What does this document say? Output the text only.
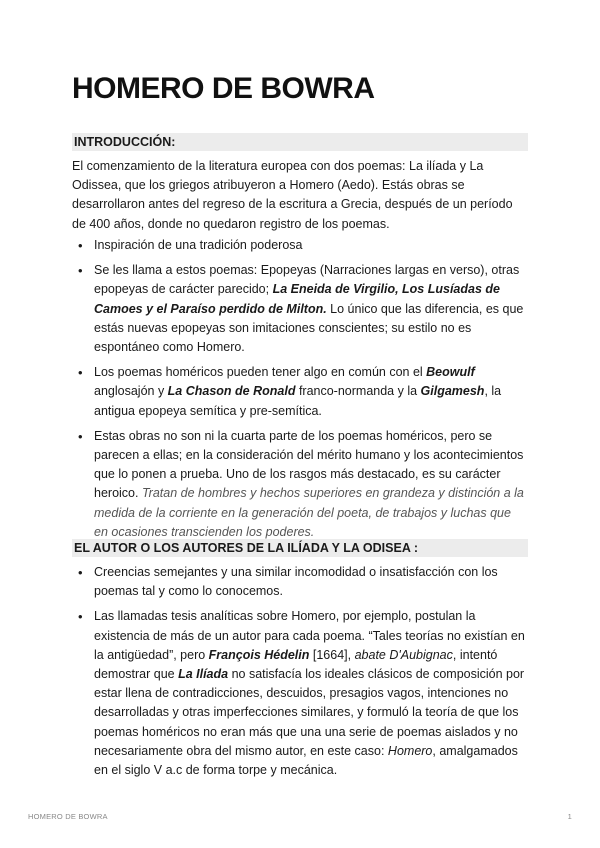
HOMERO DE BOWRA
INTRODUCCIÓN:

El comenzamiento de la literatura europea con dos poemas: La ilíada y La Odissea, que los griegos atribuyeron a Homero (Aedo). Estás obras se desarrollaron antes del regreso de la escritura a Grecia, después de un período de 400 años, donde no quedaron registro de los poemas.

• Inspiración de una tradición poderosa
• Se les llama a estos poemas: Epopeyas (Narraciones largas en verso), otras epopeyas de carácter parecido; La Eneida de Virgilio, Los Lusíadas de Camoes y el Paraíso perdido de Milton. Lo único que las diferencia, es que estás nuevas epopeyas son imitaciones conscientes; su estilo no es espontáneo como Homero.
• Los poemas homéricos pueden tener algo en común con el Beowulf anglosajón y La Chason de Ronald franco-normanda y la Gilgamesh, la antigua epopeya semítica y pre-semítica.
• Estas obras no son ni la cuarta parte de los poemas homéricos, pero se parecen a ellas; en la consideración del mérito humano y los acontecimientos que lo ponen a prueba. Uno de los rasgos más destacado, es su carácter heroico. Tratan de hombres y hechos superiores en grandeza y distinción a la medida de la corriente en la generación del poeta, de trabajos y luchas que en ocasiones transcienden los poderes.
EL AUTOR O LOS AUTORES DE LA ILÍADA Y LA ODISEA :
• Creencias semejantes y una similar incomodidad o insatisfacción con los poemas tal y como lo conocemos.
• Las llamadas tesis analíticas sobre Homero, por ejemplo, postulan la existencia de más de un autor para cada poema. “Tales teorías no existían en la antigüedad”, pero François Hédelin [1664], abate D'Aubignac, intentó demostrar que La Ilíada no satisfacía los ideales clásicos de composición por estar llena de contradicciones, descuidos, presagios vagos, intenciones no desarrolladas y otras imperfecciones similares, y formuló la teoría de que los poemas homéricos no eran más que una una serie de poemas aislados y no necesariamente obra del mismo autor, en este caso: Homero, amalgamados en el siglo V a.c de forma torpe y mecánica.
HOMERO DE BOWRA	1
